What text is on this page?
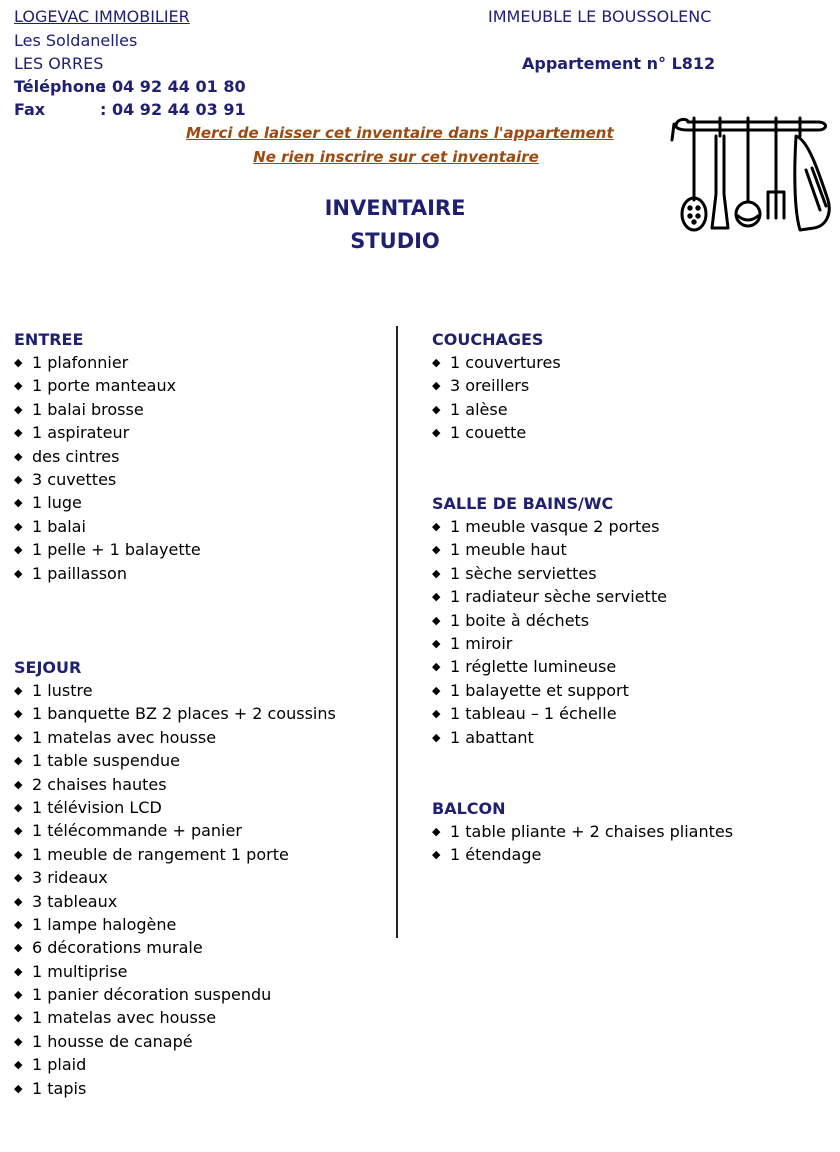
LOGEVAC IMMOBILIER
Les Soldanelles
LES ORRES
Téléphone: 04 92 44 01 80
Fax	: 04 92 44 03 91
IMMEUBLE LE BOUSSOLENC
Appartement n° L812
Merci de laisser cet inventaire dans l'appartement
Ne rien inscrire sur cet inventaire
INVENTAIRE
STUDIO
ENTREE
◆ 1 plafonnier
◆ 1 porte manteaux
◆ 1 balai brosse
◆ 1 aspirateur
◆ des cintres
◆ 3 cuvettes
◆ 1 luge
◆ 1 balai
◆ 1 pelle + 1 balayette
◆ 1 paillasson
SEJOUR
◆ 1 lustre
◆ 1 banquette BZ 2 places + 2 coussins
◆ 1 matelas avec housse
◆ 1 table suspendue
◆ 2 chaises hautes
◆ 1 télévision LCD
◆ 1 télécommande + panier
◆ 1 meuble de rangement 1 porte
◆ 3 rideaux
◆ 3 tableaux
◆ 1 lampe halogène
◆ 6 décorations murale
◆ 1 multiprise
◆ 1 panier décoration suspendu
◆ 1 matelas avec housse
◆ 1 housse de canapé
◆ 1 plaid
◆ 1 tapis
COUCHAGES
◆ 1 couvertures
◆ 3 oreillers
◆ 1 alèse
◆ 1 couette
SALLE DE BAINS/WC
◆ 1 meuble vasque 2 portes
◆ 1 meuble haut
◆ 1 sèche serviettes
◆ 1 radiateur sèche serviette
◆ 1 boite à déchets
◆ 1 miroir
◆ 1 réglette lumineuse
◆ 1 balayette et support
◆ 1 tableau – 1 échelle
◆ 1 abattant
BALCON
◆ 1 table pliante + 2 chaises pliantes
◆ 1 étendage
